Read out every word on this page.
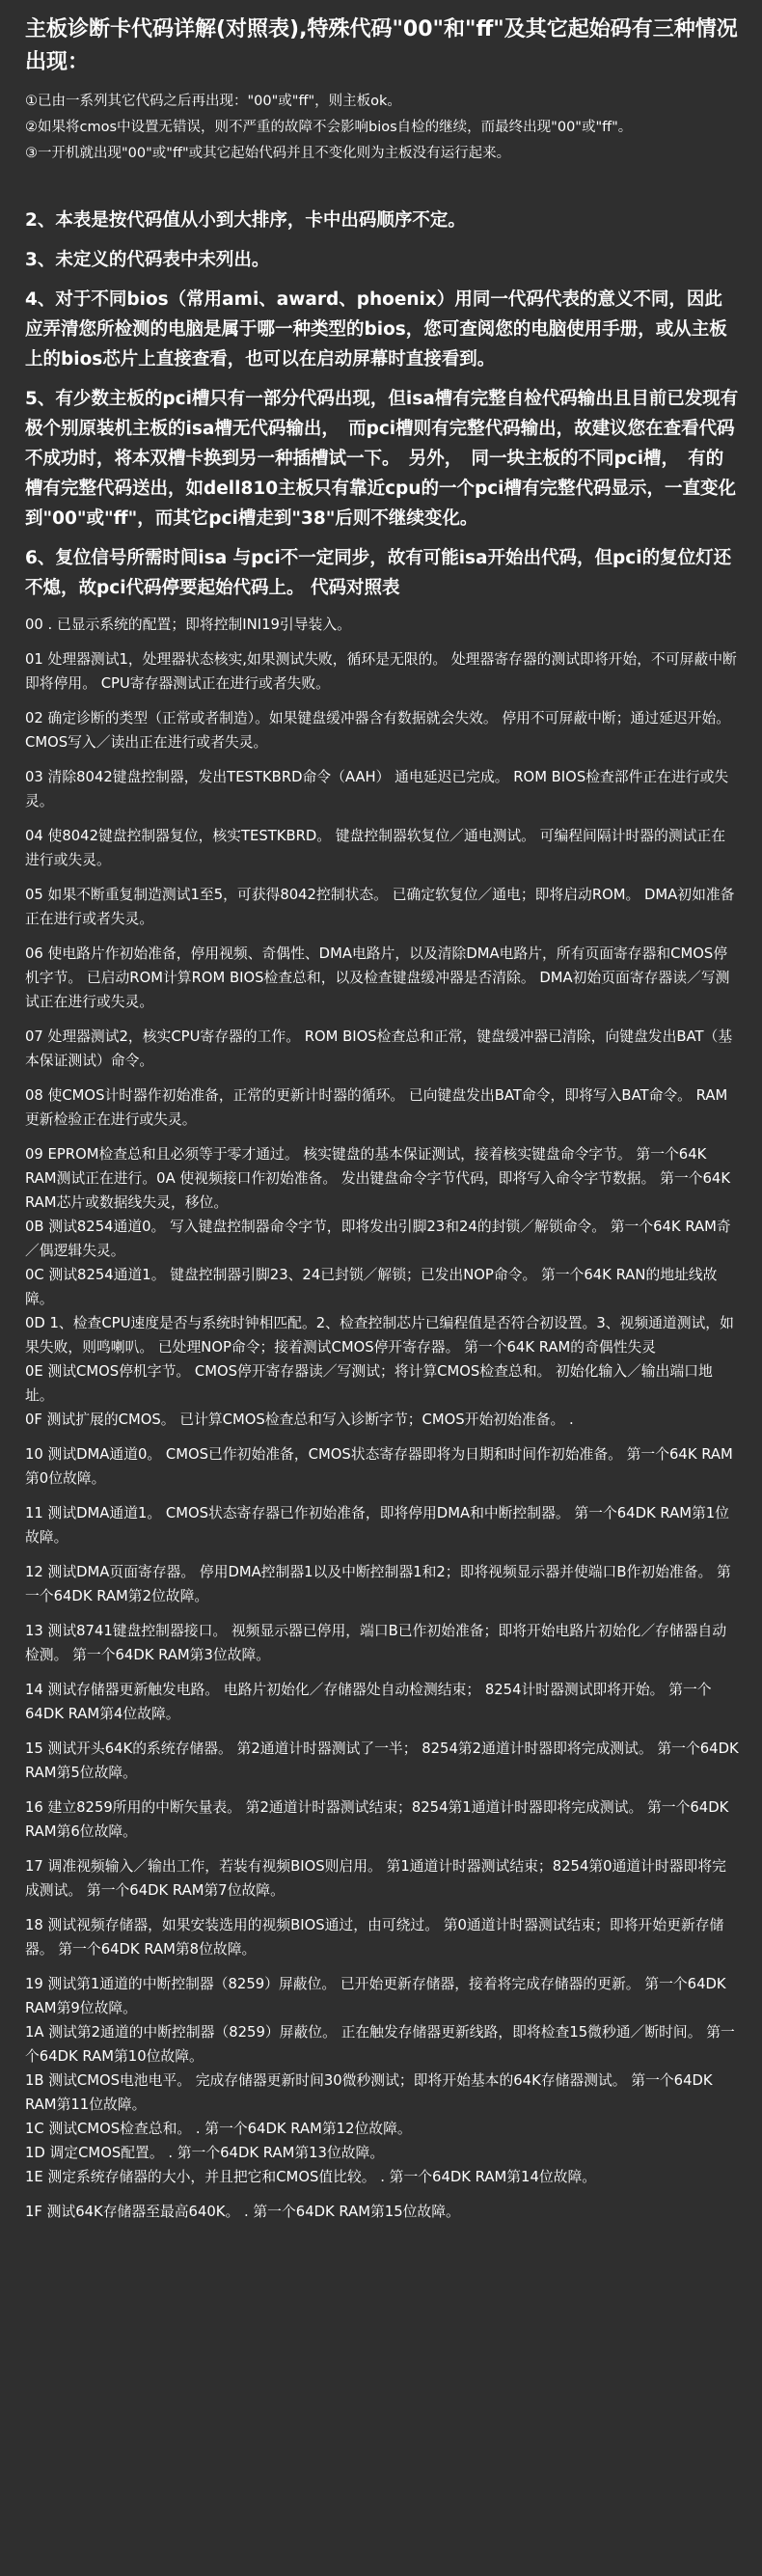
主板诊断卡代码详解(对照表),特殊代码"00"和"ff"及其它起始码有三种情况出现：

①已由一系列其它代码之后再出现："00"或"ff"，则主板ok。

②如果将cmos中设置无错误，则不严重的故障不会影响bios自检的继续，而最终出现"00"或"ff"。

③一开机就出现"00"或"ff"或其它起始代码并且不变化则为主板没有运行起来。

2、本表是按代码值从小到大排序，卡中出码顺序不定。

3、未定义的代码表中未列出。

4、对于不同bios（常用ami、award、phoenix）用同一代码代表的意义不同，因此应弄清您所检测的电脑是属于哪一种类型的bios，您可查阅您的电脑使用手册，或从主板上的bios芯片上直接查看，也可以在启动屏幕时直接看到。

5、有少数主板的pci槽只有一部分代码出现，但isa槽有完整自检代码输出且目前已发现有极个别原装机主板的isa槽无代码输出，　而pci槽则有完整代码输出，故建议您在查看代码不成功时，将本双槽卡换到另一种插槽试一下。　另外，　同一块主板的不同pci槽，　有的槽有完整代码送出，如dell810主板只有靠近cpu的一个pci槽有完整代码显示，一直变化到"00"或"ff"，而其它pci槽走到"38"后则不继续变化。

6、复位信号所需时间isa 与pci不一定同步，故有可能isa开始出代码，但pci的复位灯还不熄，故pci代码停要起始代码上。 代码对照表

00 . 已显示系统的配置；即将控制INI19引导装入。

01 处理器测试1，处理器状态核实,如果测试失败，循环是无限的。 处理器寄存器的测试即将开始，不可屏蔽中断即将停用。 CPU寄存器测试正在进行或者失败。

02 确定诊断的类型（正常或者制造）。如果键盘缓冲器含有数据就会失效。 停用不可屏蔽中断；通过延迟开始。 CMOS写入／读出正在进行或者失灵。

03 清除8042键盘控制器，发出TESTKBRD命令（AAH） 通电延迟已完成。 ROM BIOS检查部件正在进行或失灵。

04 使8042键盘控制器复位，核实TESTKBRD。 键盘控制器软复位／通电测试。 可编程间隔计时器的测试正在进行或失灵。

05 如果不断重复制造测试1至5，可获得8042控制状态。 已确定软复位／通电；即将启动ROM。 DMA初如准备正在进行或者失灵。

06 使电路片作初始准备，停用视频、奇偶性、DMA电路片，以及清除DMA电路片，所有页面寄存器和CMOS停机字节。 已启动ROM计算ROM BIOS检查总和，以及检查键盘缓冲器是否清除。 DMA初始页面寄存器读／写测试正在进行或失灵。

07 处理器测试2，核实CPU寄存器的工作。 ROM BIOS检查总和正常，键盘缓冲器已清除，向键盘发出BAT（基本保证测试）命令。

08 使CMOS计时器作初始准备，正常的更新计时器的循环。 已向键盘发出BAT命令，即将写入BAT命令。 RAM更新检验正在进行或失灵。

09 EPROM检查总和且必须等于零才通过。 核实键盘的基本保证测试，接着核实键盘命令字节。 第一个64K RAM测试正在进行。0A 使视频接口作初始准备。 发出键盘命令字节代码，即将写入命令字节数据。 第一个64K RAM芯片或数据线失灵，移位。

0B 测试8254通道0。 写入键盘控制器命令字节，即将发出引脚23和24的封锁／解锁命令。 第一个64K RAM奇／偶逻辑失灵。

0C 测试8254通道1。 键盘控制器引脚23、24已封锁／解锁；已发出NOP命令。 第一个64K RAN的地址线故障。

0D 1、检查CPU速度是否与系统时钟相匹配。2、检查控制芯片已编程值是否符合初设置。3、视频通道测试，如果失败，则鸣喇叭。 已处理NOP命令；接着测试CMOS停开寄存器。 第一个64K RAM的奇偶性失灵

0E 测试CMOS停机字节。 CMOS停开寄存器读／写测试；将计算CMOS检查总和。 初始化输入／输出端口地址。

0F 测试扩展的CMOS。 已计算CMOS检查总和写入诊断字节；CMOS开始初始准备。 .

10 测试DMA通道0。 CMOS已作初始准备，CMOS状态寄存器即将为日期和时间作初始准备。 第一个64K RAM第0位故障。

11 测试DMA通道1。 CMOS状态寄存器已作初始准备，即将停用DMA和中断控制器。 第一个64DK RAM第1位故障。

12 测试DMA页面寄存器。 停用DMA控制器1以及中断控制器1和2；即将视频显示器并使端口B作初始准备。 第一个64DK RAM第2位故障。

13 测试8741键盘控制器接口。 视频显示器已停用，端口B已作初始准备；即将开始电路片初始化／存储器自动检测。 第一个64DK RAM第3位故障。

14 测试存储器更新触发电路。 电路片初始化／存储器处自动检测结束； 8254计时器测试即将开始。 第一个64DK RAM第4位故障。

15 测试开头64K的系统存储器。 第2通道计时器测试了一半； 8254第2通道计时器即将完成测试。 第一个64DK RAM第5位故障。

16 建立8259所用的中断矢量表。 第2通道计时器测试结束；8254第1通道计时器即将完成测试。 第一个64DK RAM第6位故障。

17 调准视频输入／输出工作，若装有视频BIOS则启用。 第1通道计时器测试结束；8254第0通道计时器即将完成测试。 第一个64DK RAM第7位故障。

18 测试视频存储器，如果安装选用的视频BIOS通过，由可绕过。 第0通道计时器测试结束；即将开始更新存储器。 第一个64DK RAM第8位故障。

19 测试第1通道的中断控制器（8259）屏蔽位。 已开始更新存储器，接着将完成存储器的更新。 第一个64DK RAM第9位故障。

1A 测试第2通道的中断控制器（8259）屏蔽位。 正在触发存储器更新线路，即将检查15微秒通／断时间。 第一个64DK RAM第10位故障。

1B 测试CMOS电池电平。 完成存储器更新时间30微秒测试；即将开始基本的64K存储器测试。 第一个64DK RAM第11位故障。

1C 测试CMOS检查总和。 . 第一个64DK RAM第12位故障。

1D 调定CMOS配置。 . 第一个64DK RAM第13位故障。

1E 测定系统存储器的大小，并且把它和CMOS值比较。 . 第一个64DK RAM第14位故障。

1F 测试64K存储器至最高640K。 . 第一个64DK RAM第15位故障。
